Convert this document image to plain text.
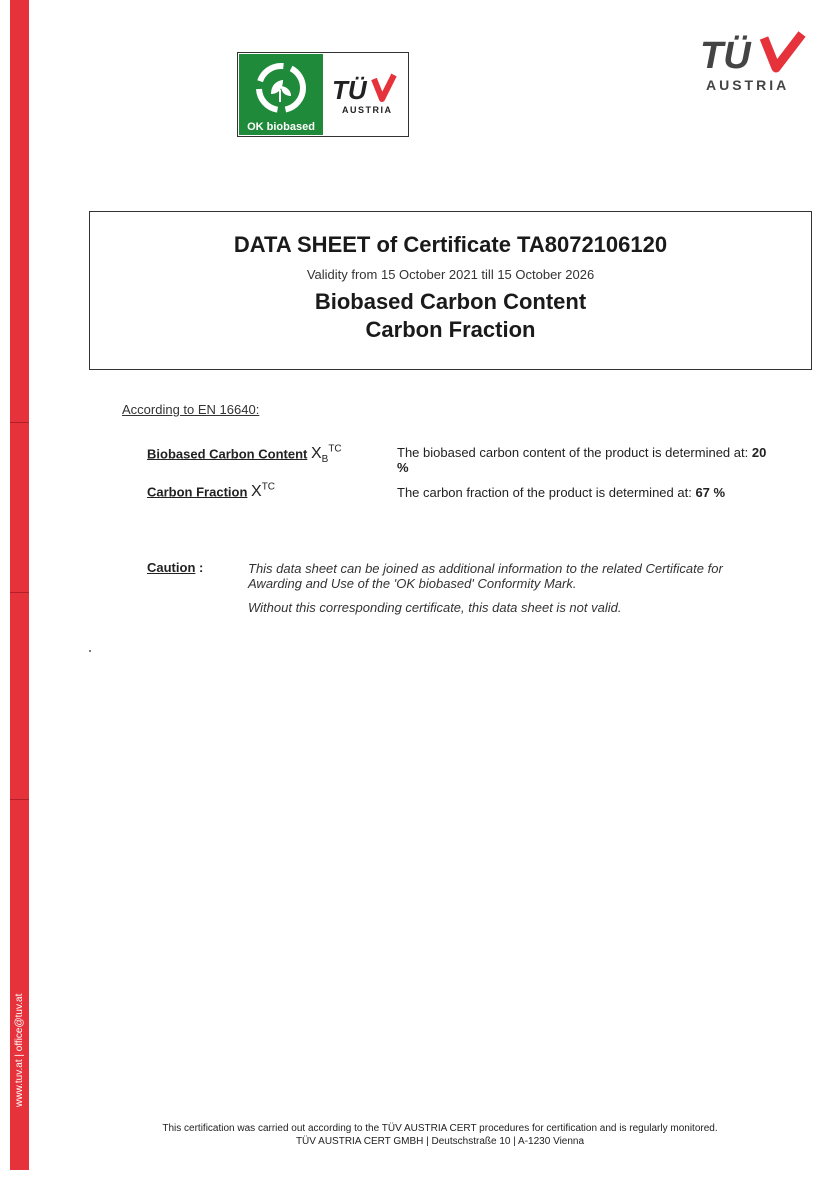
www.tuv.at | office@tuv.at
OK biobased
TÜ
AUSTRIA
TÜ
AUSTRIA
DATA SHEET of Certificate TA8072106120
Validity from 15 October 2021 till 15 October 2026
Biobased Carbon Content
Carbon Fraction
According to EN 16640:
Biobased Carbon Content $X_B^{TC}$	The biobased carbon content of the product is determined at: 20 %
Carbon Fraction $X^{TC}$	The carbon fraction of the product is determined at: 67 %
Caution :	This data sheet can be joined as additional information to the related Certificate for Awarding and Use of the 'OK biobased' Conformity Mark.

Without this corresponding certificate, this data sheet is not valid.

This certification was carried out according to the TÜV AUSTRIA CERT procedures for certification and is regularly monitored.
TÜV AUSTRIA CERT GMBH | Deutschstraße 10 | A-1230 Vienna
